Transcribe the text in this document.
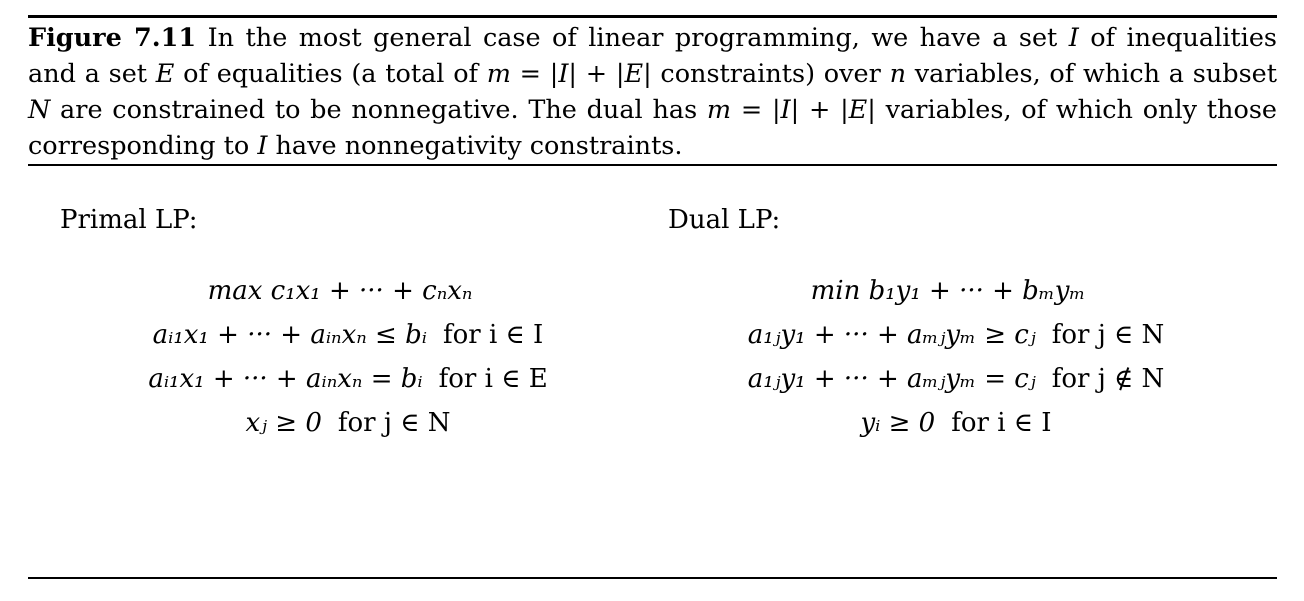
Figure 7.11 In the most general case of linear programming, we have a set I of inequalities and a set E of equalities (a total of m = |I| + |E| constraints) over n variables, of which a subset N are constrained to be nonnegative. The dual has m = |I| + |E| variables, of which only those corresponding to I have nonnegativity constraints.
Primal LP:	Dual LP:
max c₁x₁ + ··· + cₙxₙ
aᵢ₁x₁ + ··· + aᵢₙxₙ ≤ bᵢ for i ∈ I
aᵢ₁x₁ + ··· + aᵢₙxₙ = bᵢ for i ∈ E
xⱼ ≥ 0 for j ∈ N
min b₁y₁ + ··· + bₘyₘ
a₁ⱼy₁ + ··· + aₘⱼyₘ ≥ cⱼ for j ∈ N
a₁ⱼy₁ + ··· + aₘⱼyₘ = cⱼ for j ∉ N
yᵢ ≥ 0 for i ∈ I
